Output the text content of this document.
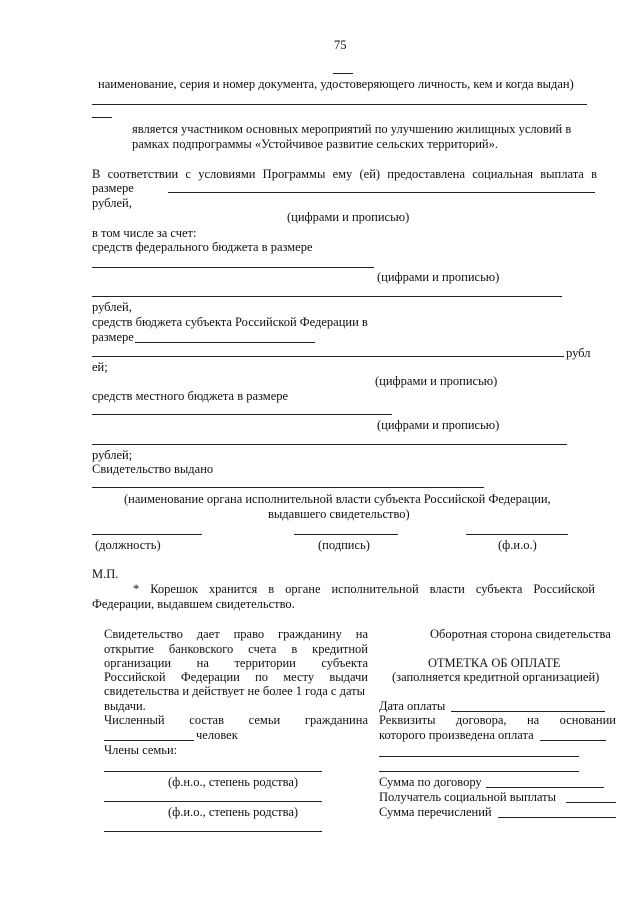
75
наименование, серия и номер документа, удостоверяющего личность, кем и когда выдан)
является участником основных мероприятий по улучшению жилищных условий в
рамках подпрограммы «Устойчивое развитие сельских территорий».
В соответствии с условиями Программы ему (ей) предоставлена социальная выплата в
размере
рублей,
(цифрами и прописью)
в том числе за счет:
средств федерального бюджета в размере
(цифрами и прописью)
рублей,
средств бюджета субъекта Российской Федерации в
размере
рубл
ей;
(цифрами и прописью)
средств местного бюджета в размере
(цифрами и прописью)
рублей;
Свидетельство выдано
(наименование органа исполнительной власти субъекта Российской Федерации,
выдавшего свидетельство)
(должность)	(подпись)	(ф.и.о.)
М.П.
* Корешок хранится в органе исполнительной власти субъекта Российской
Федерации, выдавшем свидетельство.
Свидетельство дает право гражданину на
открытие банковского счета в кредитной
организации на территории субъекта
Российской Федерации по месту выдачи
свидетельства и действует не более 1 года с даты
выдачи.
Численный состав семьи гражданина
человек
Члены семьи:
(ф.н.о., степень родства)
(ф.и.о., степень родства)
Оборотная сторона свидетельства
ОТМЕТКА ОБ ОПЛАТЕ
(заполняется кредитной организацией)
Дата оплаты
Реквизиты договора, на основании
которого произведена оплата
Сумма по договору
Получатель социальной выплаты
Сумма перечислений
